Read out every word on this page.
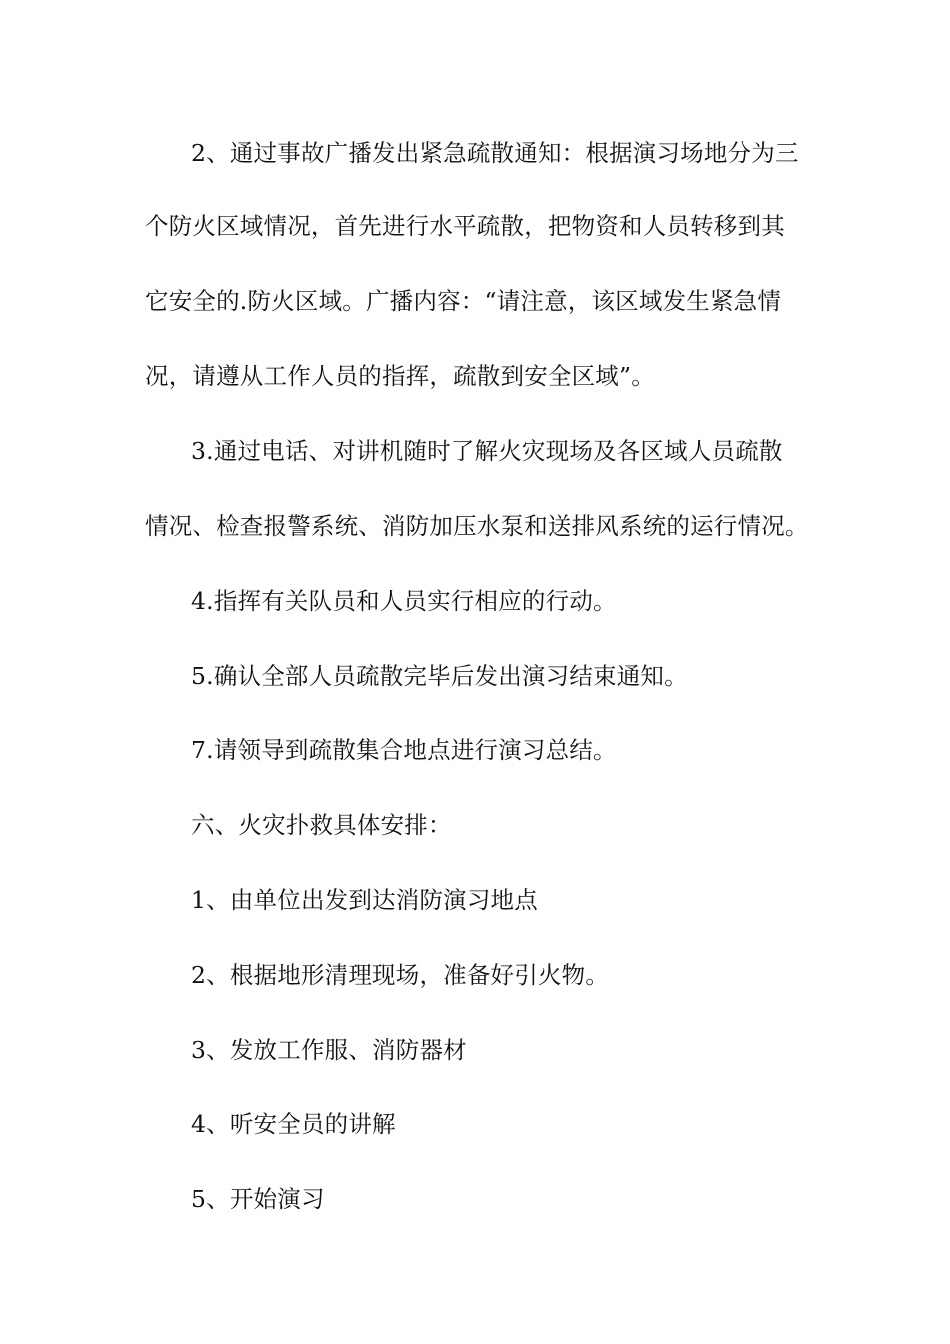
2、通过事故广播发出紧急疏散通知：根据演习场地分为三
个防火区域情况，首先进行水平疏散，把物资和人员转移到其
它安全的.防火区域。广播内容：“请注意，该区域发生紧急情
况，请遵从工作人员的指挥，疏散到安全区域”。
3.通过电话、对讲机随时了解火灾现场及各区域人员疏散
情况、检查报警系统、消防加压水泵和送排风系统的运行情况。
4.指挥有关队员和人员实行相应的行动。
5.确认全部人员疏散完毕后发出演习结束通知。
7.请领导到疏散集合地点进行演习总结。
六、火灾扑救具体安排：
1、由单位出发到达消防演习地点
2、根据地形清理现场，准备好引火物。
3、发放工作服、消防器材
4、听安全员的讲解
5、开始演习
